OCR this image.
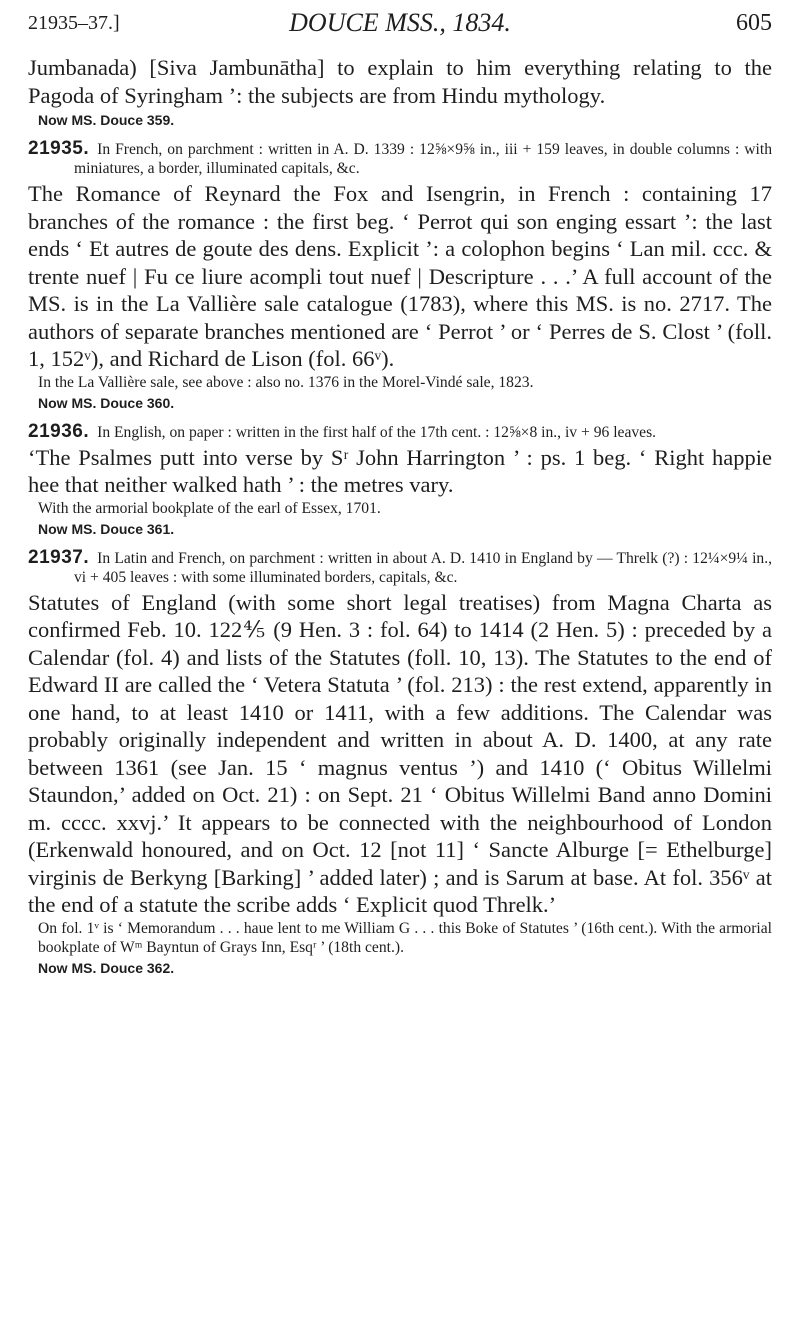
21935–37.]	DOUCE MSS., 1834.	605

Jumbanada) [Siva Jambunātha] to explain to him everything relating to the Pagoda of Syringham ’: the subjects are from Hindu mythology.

Now MS. Douce 359.

21935. In French, on parchment : written in A. D. 1339 : 12⅝×9⅝ in., iii + 159 leaves, in double columns : with miniatures, a border, illuminated capitals, &c.

The Romance of Reynard the Fox and Isengrin, in French : containing 17 branches of the romance : the first beg. ‘ Perrot qui son enging essart ’: the last ends ‘ Et autres de goute des dens. Explicit ’: a colophon begins ‘ Lan mil. ccc. & trente nuef | Fu ce liure acompli tout nuef | Descripture . . .’ A full account of the MS. is in the La Vallière sale catalogue (1783), where this MS. is no. 2717. The authors of separate branches mentioned are ‘ Perrot ’ or ‘ Perres de S. Clost ’ (foll. 1, 152ᵛ), and Richard de Lison (fol. 66ᵛ).

In the La Vallière sale, see above : also no. 1376 in the Morel-Vindé sale, 1823.

Now MS. Douce 360.

21936. In English, on paper : written in the first half of the 17th cent. : 12⅝×8 in., iv + 96 leaves.

‘The Psalmes putt into verse by Sʳ John Harrington ’ : ps. 1 beg. ‘ Right happie hee that neither walked hath ’ : the metres vary.

With the armorial bookplate of the earl of Essex, 1701.

Now MS. Douce 361.

21937. In Latin and French, on parchment : written in about A. D. 1410 in England by — Threlk (?) : 12¼×9¼ in., vi + 405 leaves : with some illuminated borders, capitals, &c.

Statutes of England (with some short legal treatises) from Magna Charta as confirmed Feb. 10. 122⅘ (9 Hen. 3 : fol. 64) to 1414 (2 Hen. 5) : preceded by a Calendar (fol. 4) and lists of the Statutes (foll. 10, 13). The Statutes to the end of Edward II are called the ‘ Vetera Statuta ’ (fol. 213) : the rest extend, apparently in one hand, to at least 1410 or 1411, with a few additions. The Calendar was probably originally independent and written in about A. D. 1400, at any rate between 1361 (see Jan. 15 ‘ magnus ventus ’) and 1410 (‘ Obitus Willelmi Staundon,’ added on Oct. 21) : on Sept. 21 ‘ Obitus Willelmi Band anno Domini m. cccc. xxvj.’ It appears to be connected with the neighbourhood of London (Erkenwald honoured, and on Oct. 12 [not 11] ‘ Sancte Alburge [= Ethelburge] virginis de Berkyng [Barking] ’ added later) ; and is Sarum at base. At fol. 356ᵛ at the end of a statute the scribe adds ‘ Explicit quod Threlk.’

On fol. 1ᵛ is ‘ Memorandum . . . haue lent to me William G . . . this Boke of Statutes ’ (16th cent.). With the armorial bookplate of Wᵐ Bayntun of Grays Inn, Esqʳ ’ (18th cent.).

Now MS. Douce 362.
